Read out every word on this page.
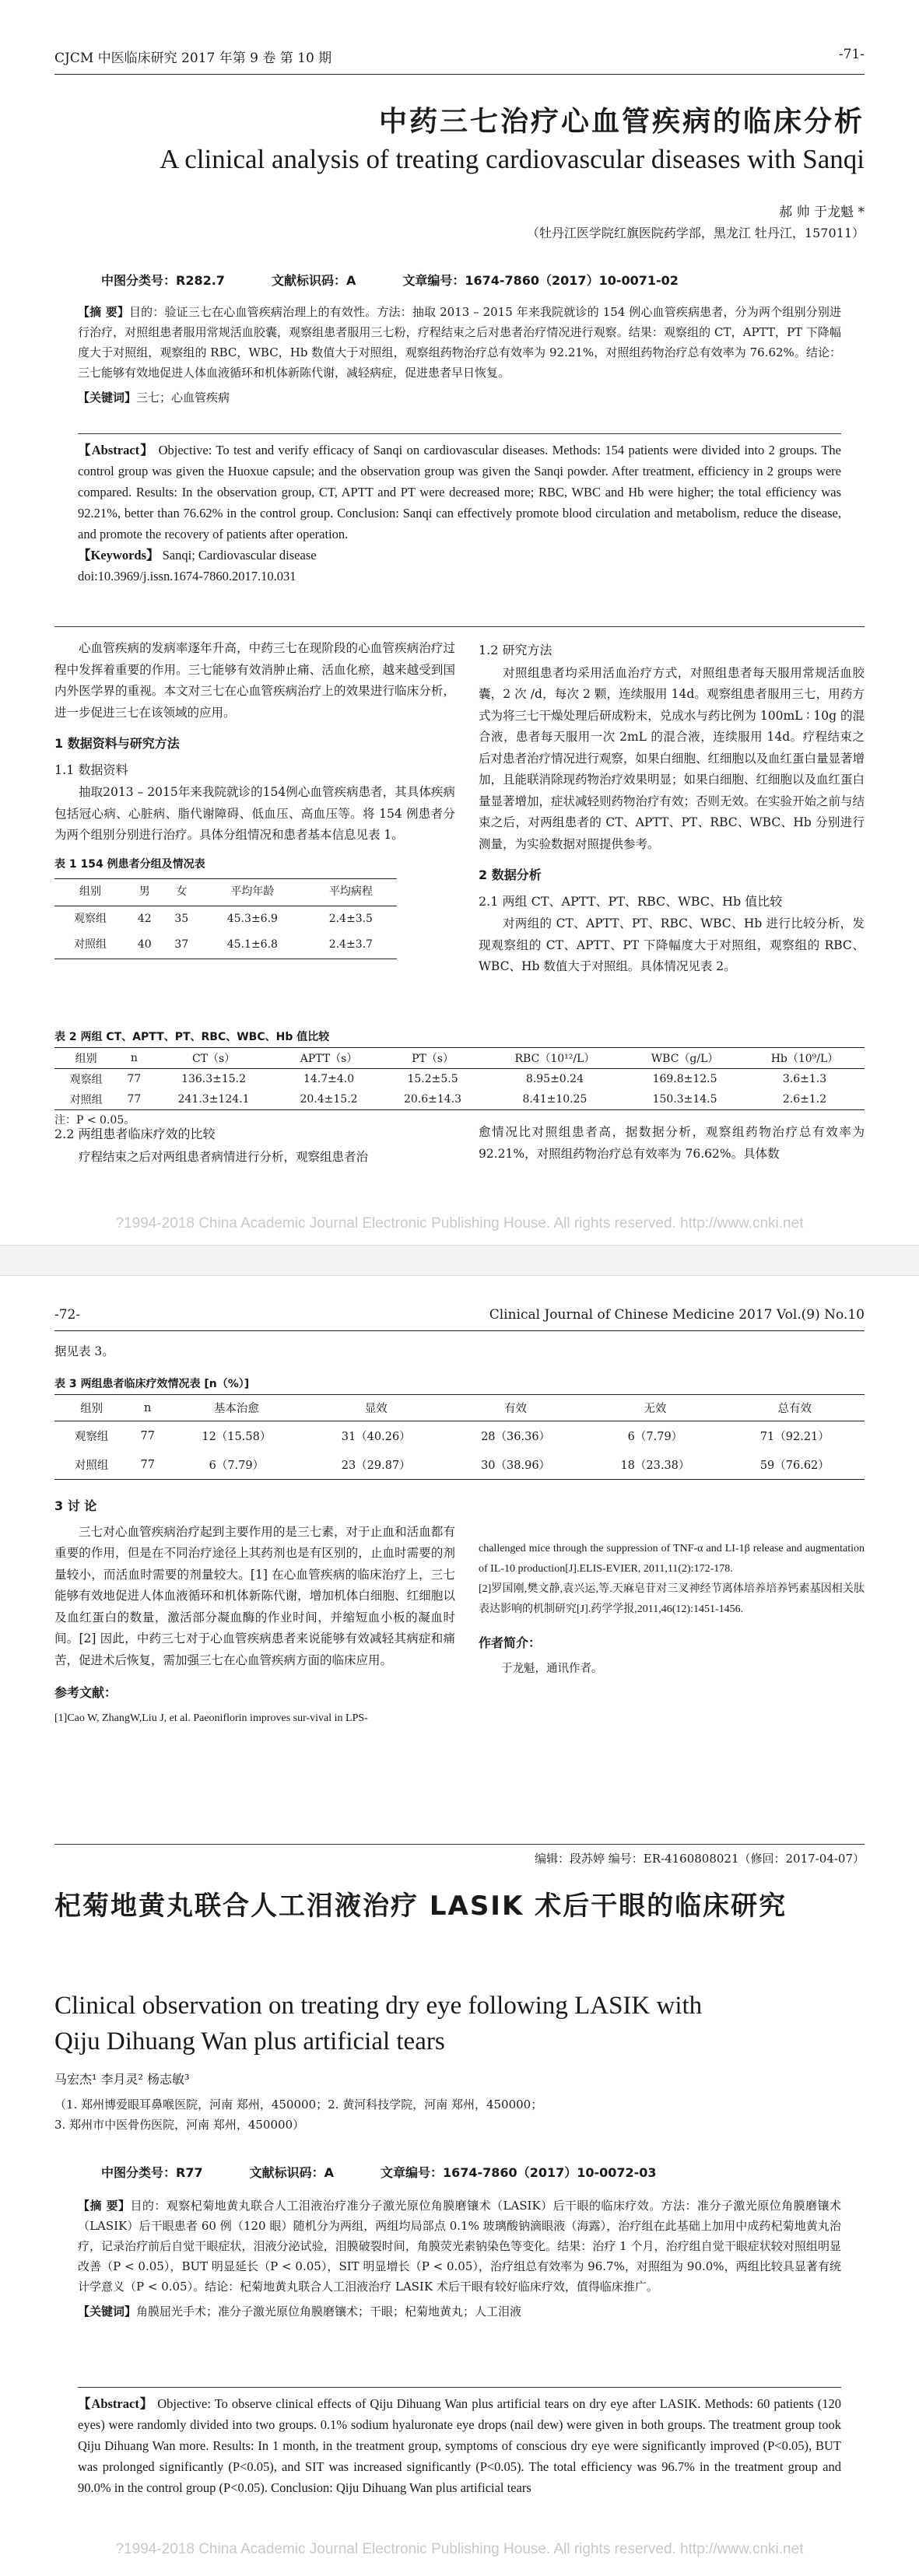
CJCM 中医临床研究 2017 年第 9 卷 第 10 期	-71-
中药三七治疗心血管疾病的临床分析
A clinical analysis of treating cardiovascular diseases with Sanqi
郝 帅 于龙魁 *
（牡丹江医学院红旗医院药学部，黑龙江 牡丹江，157011）
中图分类号：R282.7	文献标识码：A	文章编号：1674-7860（2017）10-0071-02
【摘 要】目的：验证三七在心血管疾病治理上的有效性。方法：抽取 2013 – 2015 年来我院就诊的 154 例心血管疾病患者，分为两个组别分别进行治疗，对照组患者服用常规活血胶囊，观察组患者服用三七粉，疗程结束之后对患者治疗情况进行观察。结果：观察组的 CT，APTT，PT 下降幅度大于对照组，观察组的 RBC，WBC，Hb 数值大于对照组，观察组药物治疗总有效率为 92.21%，对照组药物治疗总有效率为 76.62%。结论：三七能够有效地促进人体血液循环和机体新陈代谢，减轻病症，促进患者早日恢复。
【关键词】三七；心血管疾病
【Abstract】 Objective: To test and verify efficacy of Sanqi on cardiovascular diseases. Methods: 154 patients were divided into 2 groups. The control group was given the Huoxue capsule; and the observation group was given the Sanqi powder. After treatment, efficiency in 2 groups were compared. Results: In the observation group, CT, APTT and PT were decreased more; RBC, WBC and Hb were higher; the total efficiency was 92.21%, better than 76.62% in the control group. Conclusion: Sanqi can effectively promote blood circulation and metabolism, reduce the disease, and promote the recovery of patients after operation.
【Keywords】 Sanqi; Cardiovascular disease
doi:10.3969/j.issn.1674-7860.2017.10.031

心血管疾病的发病率逐年升高，中药三七在现阶段的心血管疾病治疗过程中发挥着重要的作用。三七能够有效消肿止痛、活血化瘀，越来越受到国内外医学界的重视。本文对三七在心血管疾病治疗上的效果进行临床分析，进一步促进三七在该领域的应用。

1 数据资料与研究方法
1.1 数据资料

抽取2013 – 2015年来我院就诊的154例心血管疾病患者，其具体疾病包括冠心病、心脏病、脂代谢障碍、低血压、高血压等。将 154 例患者分为两个组别分别进行治疗。具体分组情况和患者基本信息见表 1。

表 1 154 例患者分组及情况表
组别	男	女	平均年龄	平均病程
观察组	42	35	45.3±6.9	2.4±3.5
对照组	40	37	45.1±6.8	2.4±3.7
1.2 研究方法

对照组患者均采用活血治疗方式，对照组患者每天服用常规活血胶囊，2 次 /d，每次 2 颗，连续服用 14d。观察组患者服用三七，用药方式为将三七干燥处理后研成粉末，兑成水与药比例为 100mL ∶ 10g 的混合液，患者每天服用一次 2mL 的混合液，连续服用 14d。疗程结束之后对患者治疗情况进行观察，如果白细胞、红细胞以及血红蛋白量显著增加，且能联消除现药物治疗效果明显；如果白细胞、红细胞以及血红蛋白量显著增加，症状减轻则药物治疗有效；否则无效。在实验开始之前与结束之后，对两组患者的 CT、APTT、PT、RBC、WBC、Hb 分别进行测量，为实验数据对照提供参考。

2 数据分析
2.1 两组 CT、APTT、PT、RBC、WBC、Hb 值比较

对两组的 CT、APTT、PT、RBC、WBC、Hb 进行比较分析，发现观察组的 CT、APTT、PT 下降幅度大于对照组，观察组的 RBC、WBC、Hb 数值大于对照组。具体情况见表 2。

表 2 两组 CT、APTT、PT、RBC、WBC、Hb 值比较
组别	n	CT（s）	APTT（s）	PT（s）	RBC（10¹²/L）	WBC（g/L）	Hb（10⁹/L）
观察组	77	136.3±15.2	14.7±4.0	15.2±5.5	8.95±0.24	169.8±12.5	3.6±1.3
对照组	77	241.3±124.1	20.4±15.2	20.6±14.3	8.41±10.25	150.3±14.5	2.6±1.2
注：P < 0.05。
2.2 两组患者临床疗效的比较

疗程结束之后对两组患者病情进行分析，观察组患者治

愈情况比对照组患者高，据数据分析，观察组药物治疗总有效率为 92.21%，对照组药物治疗总有效率为 76.62%。具体数
?1994-2018 China Academic Journal Electronic Publishing House. All rights reserved. http://www.cnki.net
-72-	Clinical Journal of Chinese Medicine 2017 Vol.(9) No.10
据见表 3。
表 3 两组患者临床疗效情况表 [n（%）]
组别	n	基本治愈	显效	有效	无效	总有效
观察组	77	12（15.58）	31（40.26）	28（36.36）	6（7.79）	71（92.21）
对照组	77	6（7.79）	23（29.87）	30（38.96）	18（23.38）	59（76.62）
3 讨 论

三七对心血管疾病治疗起到主要作用的是三七素，对于止血和活血都有重要的作用，但是在不同治疗途径上其药剂也是有区别的，止血时需要的剂量较小，而活血时需要的剂量较大。[1] 在心血管疾病的临床治疗上，三七能够有效地促进人体血液循环和机体新陈代谢，增加机体白细胞、红细胞以及血红蛋白的数量，激活部分凝血酶的作业时间，并缩短血小板的凝血时间。[2] 因此，中药三七对于心血管疾病患者来说能够有效减轻其病症和痛苦，促进术后恢复，需加强三七在心血管疾病方面的临床应用。

参考文献：
[1]Cao W, ZhangW,Liu J, et al. Paeoniflorin improves sur-vival in LPS-
challenged mice through the suppression of TNF-α and LI-1β release and augmentation of IL-10 production[J].ELIS-EVIER, 2011,11(2):172-178.
[2]罗国刚,樊文静,袁兴运,等.天麻皂苷对三叉神经节离体培养培养钙素基因相关肽表达影响的机制研究[J].药学学报,2011,46(12):1451-1456.
作者简介：

于龙魁，通讯作者。

编辑：段苏婷 编号：ER-4160808021（修回：2017-04-07）
杞菊地黄丸联合人工泪液治疗 LASIK 术后干眼的临床研究
Clinical observation on treating dry eye following LASIK with
Qiju Dihuang Wan plus artificial tears
马宏杰¹ 李月灵² 杨志敏³
（1. 郑州博爱眼耳鼻喉医院，河南 郑州，450000；2. 黄河科技学院，河南 郑州，450000；
3. 郑州市中医骨伤医院，河南 郑州，450000）
中图分类号：R77	文献标识码：A	文章编号：1674-7860（2017）10-0072-03
【摘 要】目的：观察杞菊地黄丸联合人工泪液治疗准分子激光原位角膜磨镶术（LASIK）后干眼的临床疗效。方法：准分子激光原位角膜磨镶术（LASIK）后干眼患者 60 例（120 眼）随机分为两组，两组均局部点 0.1% 玻璃酸钠滴眼液（海露），治疗组在此基础上加用中成药杞菊地黄丸治疗，记录治疗前后自觉干眼症状，泪液分泌试验，泪膜破裂时间，角膜荧光素钠染色等变化。结果：治疗 1 个月，治疗组自觉干眼症状较对照组明显改善（P < 0.05），BUT 明显延长（P < 0.05），SIT 明显增长（P < 0.05），治疗组总有效率为 96.7%，对照组为 90.0%，两组比较具显著有统计学意义（P < 0.05）。结论：杞菊地黄丸联合人工泪液治疗 LASIK 术后干眼有较好临床疗效，值得临床推广。
【关键词】角膜屈光手术；准分子激光原位角膜磨镶术；干眼；杞菊地黄丸；人工泪液
【Abstract】 Objective: To observe clinical effects of Qiju Dihuang Wan plus artificial tears on dry eye after LASIK. Methods: 60 patients (120 eyes) were randomly divided into two groups. 0.1% sodium hyaluronate eye drops (nail dew) were given in both groups. The treatment group took Qiju Dihuang Wan more. Results: In 1 month, in the treatment group, symptoms of conscious dry eye were significantly improved (P<0.05), BUT was prolonged significantly (P<0.05), and SIT was increased significantly (P<0.05). The total efficiency was 96.7% in the treatment group and 90.0% in the control group (P<0.05). Conclusion: Qiju Dihuang Wan plus artificial tears
?1994-2018 China Academic Journal Electronic Publishing House. All rights reserved. http://www.cnki.net
